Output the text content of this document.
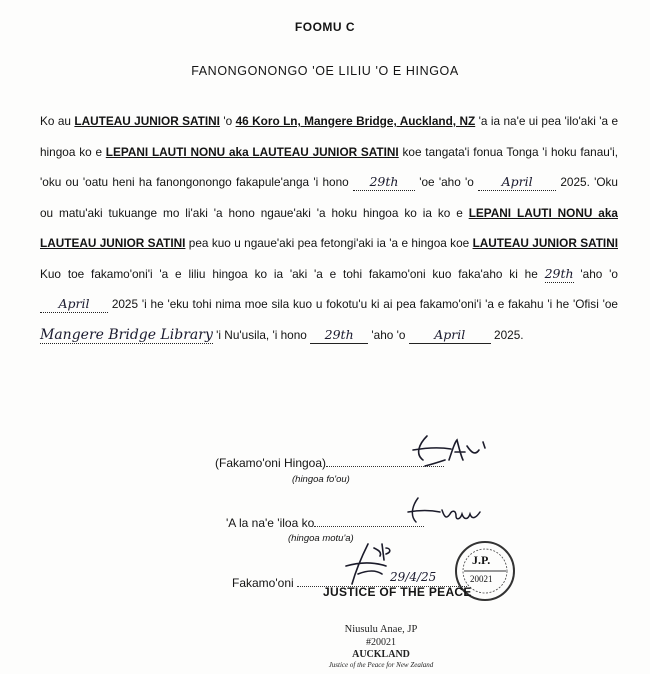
FOOMU C
FANONGONONGO 'OE LILIU 'O E HINGOA
Ko au LAUTEAU JUNIOR SATINI 'o 46 Koro Ln, Mangere Bridge, Auckland, NZ 'a ia na'e ui pea 'ilo'aki 'a e hingoa ko e LEPANI LAUTI NONU aka LAUTEAU JUNIOR SATINI koe tangata'i fonua Tonga 'i hoku fanau'i, 'oku ou 'oatu heni ha fanongonongo fakapule'anga 'i hono 29th 'oe 'aho 'o April 2025. 'Oku ou matu'aki tukuange mo li'aki 'a hono ngaue'aki 'a hoku hingoa ko ia ko e LEPANI LAUTI NONU aka LAUTEAU JUNIOR SATINI pea kuo u ngaue'aki pea fetongi'aki ia 'a e hingoa koe LAUTEAU JUNIOR SATINI Kuo toe fakamo'oni'i 'a e liliu hingoa ko ia 'aki 'a e tohi fakamo'oni kuo faka'aho ki he 29th 'aho 'o April 2025 'i he 'eku tohi nima moe sila kuo u fokotu'u ki ai pea fakamo'oni'i 'a e fakahu 'i he 'Ofisi 'oe Mangere Bridge Library 'i Nu'usila, 'i hono 29th 'aho 'o April 2025.
(Fakamo'oni Hingoa)
(hingoa fo'ou)
'A la na'e 'iloa ko
(hingoa motu'a)
Fakamo'oni	29/4/25
J.P.
20021
JUSTICE OF THE PEACE
Niusulu Anae, JP
#20021
AUCKLAND
Justice of the Peace for New Zealand
